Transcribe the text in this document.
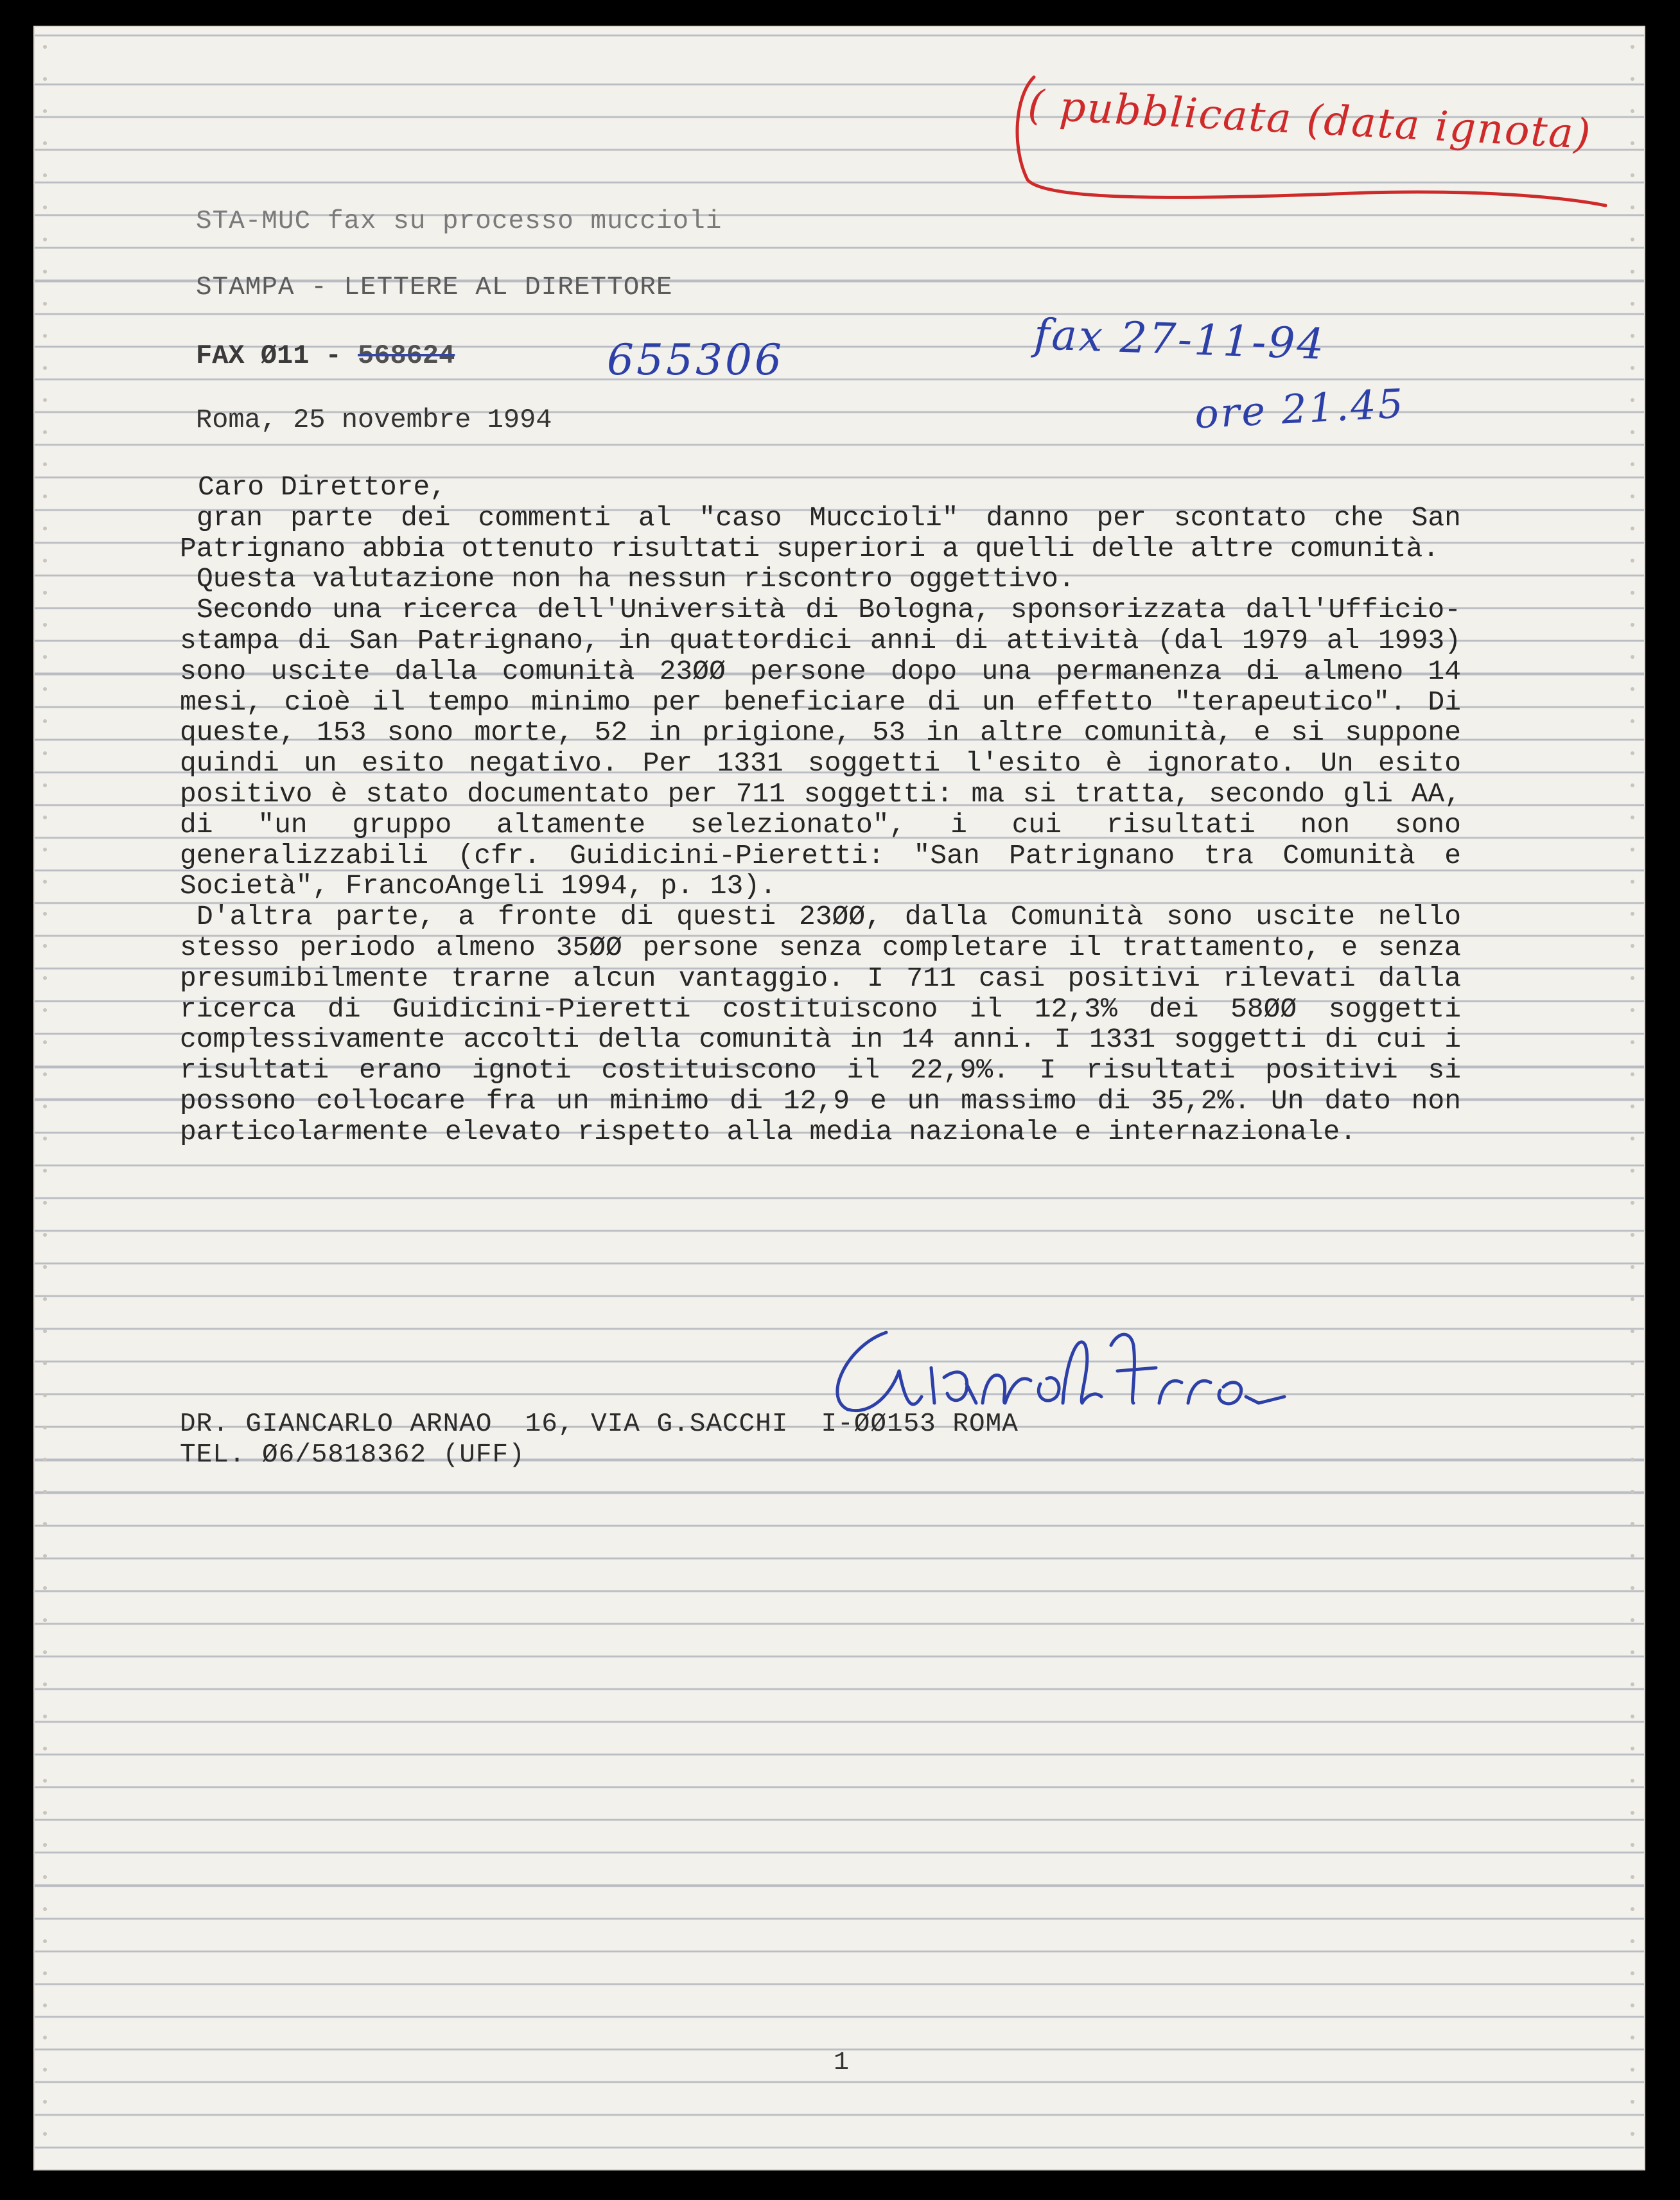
( pubblicata (data ignota)
STA-MUC fax su processo muccioli
STAMPA - LETTERE AL DIRETTORE
FAX Ø11 - 568624	655306	fax 27-11-94
ore 21.45
Roma, 25 novembre 1994

Caro Direttore,

gran parte dei commenti al "caso Muccioli" danno per scontato che San Patrignano abbia ottenuto risultati superiori a quelli delle altre comunità.

Questa valutazione non ha nessun riscontro oggettivo.

Secondo una ricerca dell'Università di Bologna, sponsorizzata dall'Ufficio-stampa di San Patrignano, in quattordici anni di attività (dal 1979 al 1993) sono uscite dalla comunità 23ØØ persone dopo una permanenza di almeno 14 mesi, cioè il tempo minimo per beneficiare di un effetto "terapeutico". Di queste, 153 sono morte, 52 in prigione, 53 in altre comunità, e si suppone quindi un esito negativo. Per 1331 soggetti l'esito è ignorato. Un esito positivo è stato documentato per 711 soggetti: ma si tratta, secondo gli AA, di "un gruppo altamente selezionato", i cui risultati non sono generalizzabili (cfr. Guidicini-Pieretti: "San Patrignano tra Comunità e Società", FrancoAngeli 1994, p. 13).

D'altra parte, a fronte di questi 23ØØ, dalla Comunità sono uscite nello stesso periodo almeno 35ØØ persone senza completare il trattamento, e senza presumibilmente trarne alcun vantaggio. I 711 casi positivi rilevati dalla ricerca di Guidicini-Pieretti costituiscono il 12,3% dei 58ØØ soggetti complessivamente accolti della comunità in 14 anni. I 1331 soggetti di cui i risultati erano ignoti costituiscono il 22,9%. I risultati positivi si possono collocare fra un minimo di 12,9 e un massimo di 35,2%. Un dato non particolarmente elevato rispetto alla media nazionale e internazionale.

Giancarlo Arnao
DR. GIANCARLO ARNAO  16, VIA G.SACCHI  I-ØØ153 ROMA
TEL. Ø6/5818362 (UFF)
1
